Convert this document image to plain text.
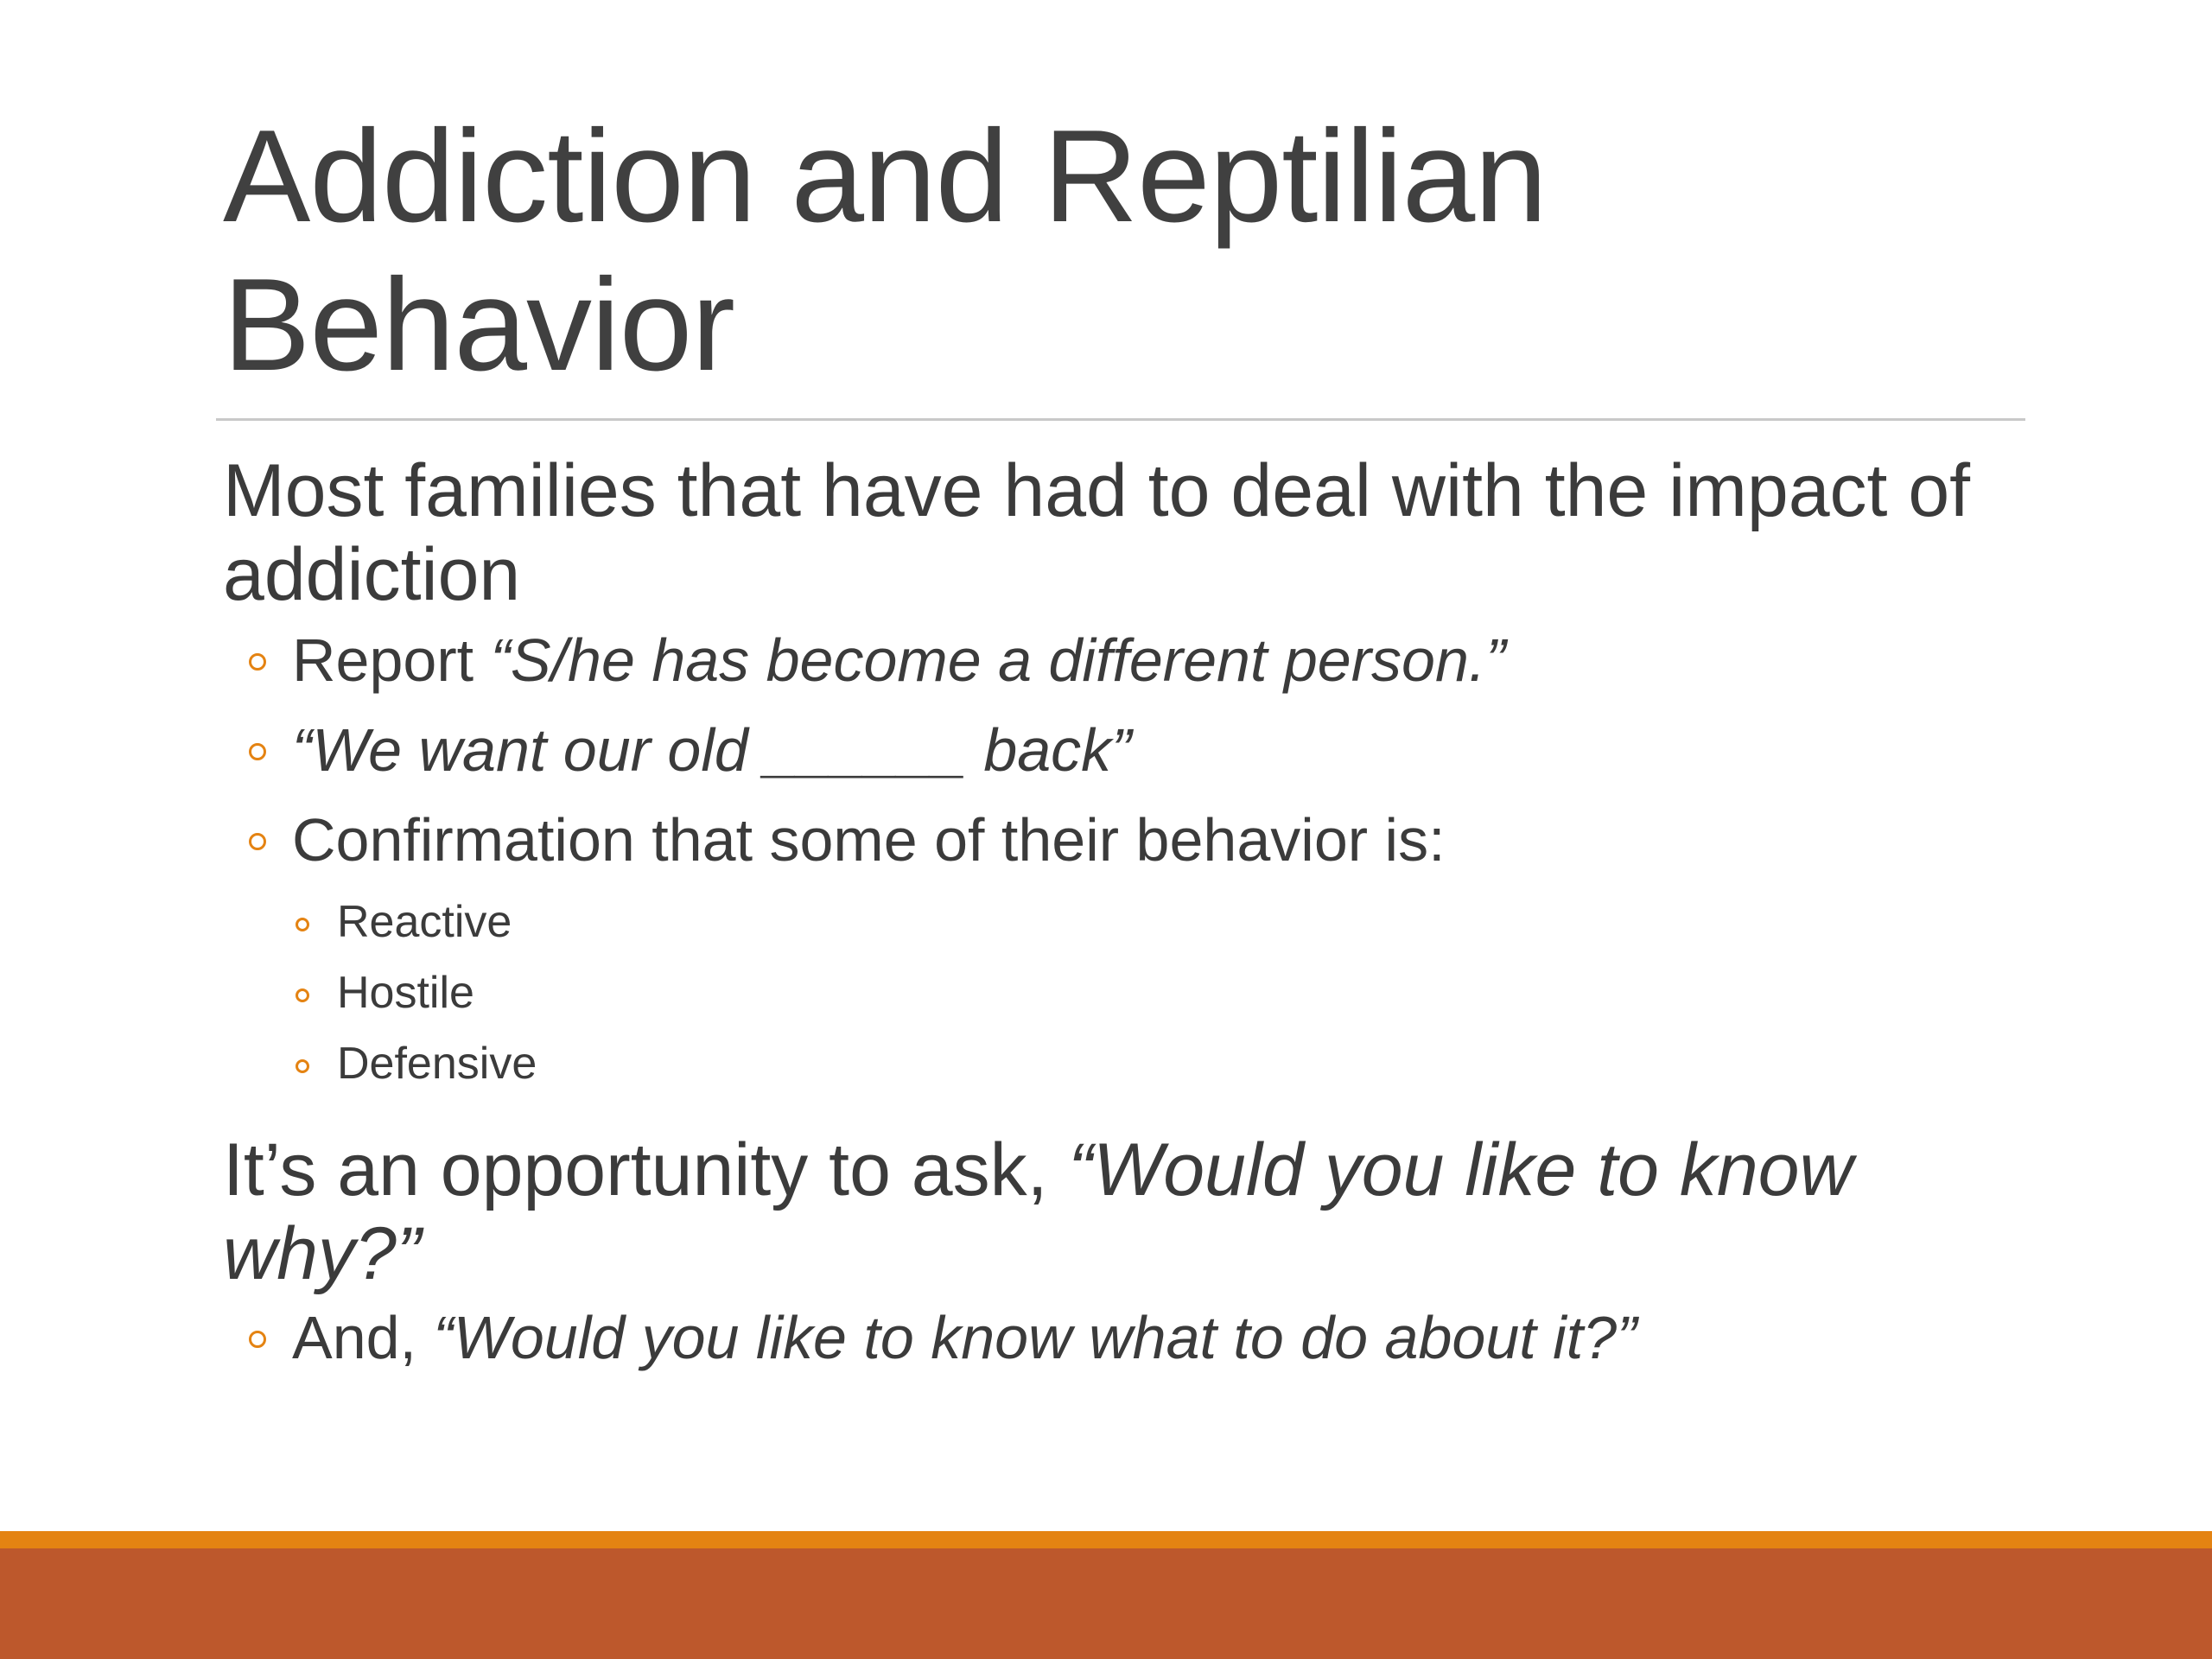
Addiction and Reptilian
Behavior

Most families that have had to deal with the impact of addiction

Report “S/he has become a different person.”
“We want our old ______ back”
Confirmation that some of their behavior is:
Reactive
Hostile
Defensive

It’s an opportunity to ask, “Would you like to know why?”

And, “Would you like to know what to do about it?”
